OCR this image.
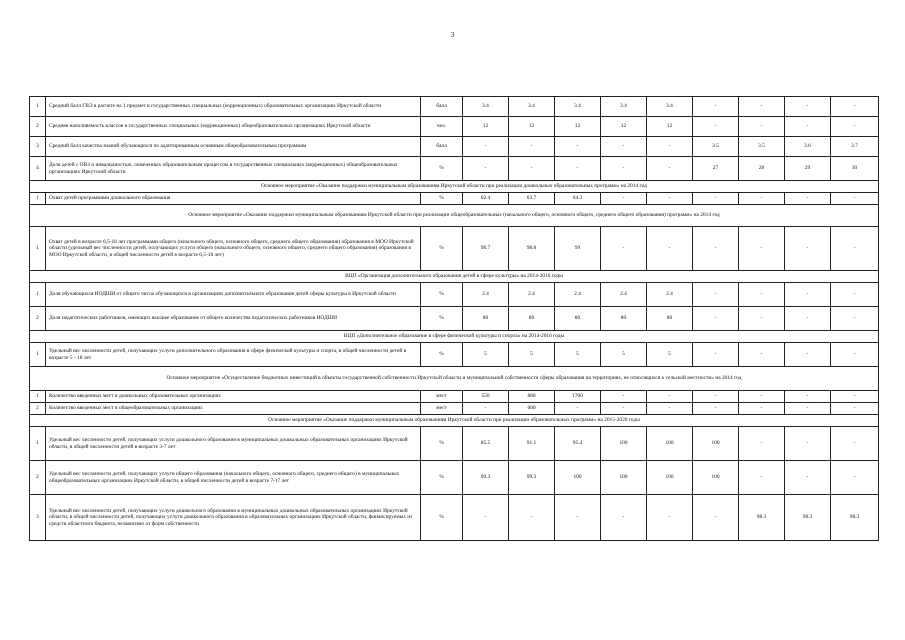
3
1	Средний балл ГВЭ в расчете на 1 предмет в государственных специальных (коррекционных) образовательных организациях Иркутской области	балл	3.4	3.4	3.4	3.4	3.4	-	-	-	-
2	Средняя наполняемость классов в государственных специальных (коррекционных) общеобразовательных организациях Иркутской области	чел.	12	12	12	12	12	-	-	-	-
3	Средний балл качества знаний обучающихся по адаптированным основным общеобразовательным программам	балл	-	-	-	-	-	3.5	3.5	3.6	3.7
4	Доля детей с ОВЗ и инвалидностью, охваченных образовательным процессом в государственных специальных (коррекционных) общеобразовательных организациях Иркутской области	%	-	-	-	-	-	27	28	29	30
Основное мероприятие «Оказание поддержки муниципальным образованиям Иркутской области при реализации дошкольных образовательных программ» на 2014 год											
1	Охват детей программами дошкольного образования	%	62.4	63.7	64.3	-	-	-	-	-	-
Основное мероприятие «Оказание поддержки муниципальным образованиям Иркутской области при реализации общеобразовательных (начального общего, основного общего, среднего общего образования) программ» на 2014 год											
1	Охват детей в возрасте 6,5-18 лет программами общего (начального общего, основного общего, среднего общего образования) образования в МОО Иркутской области (удельный вес численности детей, получающих услуги общего (начального общего, основного общего, среднего общего образования) образования в МОО Иркутской области, в общей численности детей в возрасте 6,5-18 лет)	%	98.7	98.8	99	-	-	-	-	-	-
ВЦП «Организация дополнительного образования детей в сфере культуры» на 2014-2016 годы											
1	Доля обучающихся ИОДШИ от общего числа обучающихся в организациях дополнительного образования детей сферы культуры в Иркутской области	%	2.4	2.4	2.4	2.4	2.4	-	-	-	-
2	Доля педагогических работников, имеющих высшее образование от общего количества педагогических работников ИОДШИ	%	80	80	80	80	80	-	-	-	-
ВЦП «Дополнительное образование в сфере физической культуры и спорта» на 2014-2016 годы											
1	Удельный вес численности детей, получающих услуги дополнительного образования в сфере физической культуры и спорта, в общей численности детей в возрасте 5 - 18 лет	%	5	5	5	5	5	-	-	-	-
Основное мероприятие «Осуществление бюджетных инвестиций в объекты государственной собственности Иркутской области и муниципальной собственности сферы образования на территориях, не относящихся к сельской местности» на 2014 год											
1	Количество введенных мест в дошкольных образовательных организациях	мест	550	880	1700	-	-	-	-	-	-
2	Количество введенных мест в общеобразовательных организациях	мест	-	600	-	-	-	-	-	-	-
Основное мероприятие «Оказание поддержки муниципальным образованиям Иркутской области при реализации образовательных программ» на 2015-2020 годы											
1	Удельный вес численности детей, получающих услуги дошкольного образования в муниципальных дошкольных образовательных организациях Иркутской области, в общей численности детей в возрасте 3-7 лет	%	85.5	91.1	95.4	100	100	100	-	-	-
2	Удельный вес численности детей, получающих услуги общего образования (начального общего, основного общего, среднего общего) в муниципальных общеобразовательных организациях Иркутской области, в общей численности детей в возрасте 7-17 лет	%	99.3	99.3	100	100	100	100	-	-	-
3	Удельный вес численности детей, получающих услуги дошкольного образования в муниципальных дошкольных образовательных организациях Иркутской области, в общей численности детей, получающих услуги дошкольного образования в образовательных организациях Иркутской области, финансируемых из средств областного бюджета, независимо от форм собственности	%	-	-	-	-	-	-	98.3	98.3	98.3
